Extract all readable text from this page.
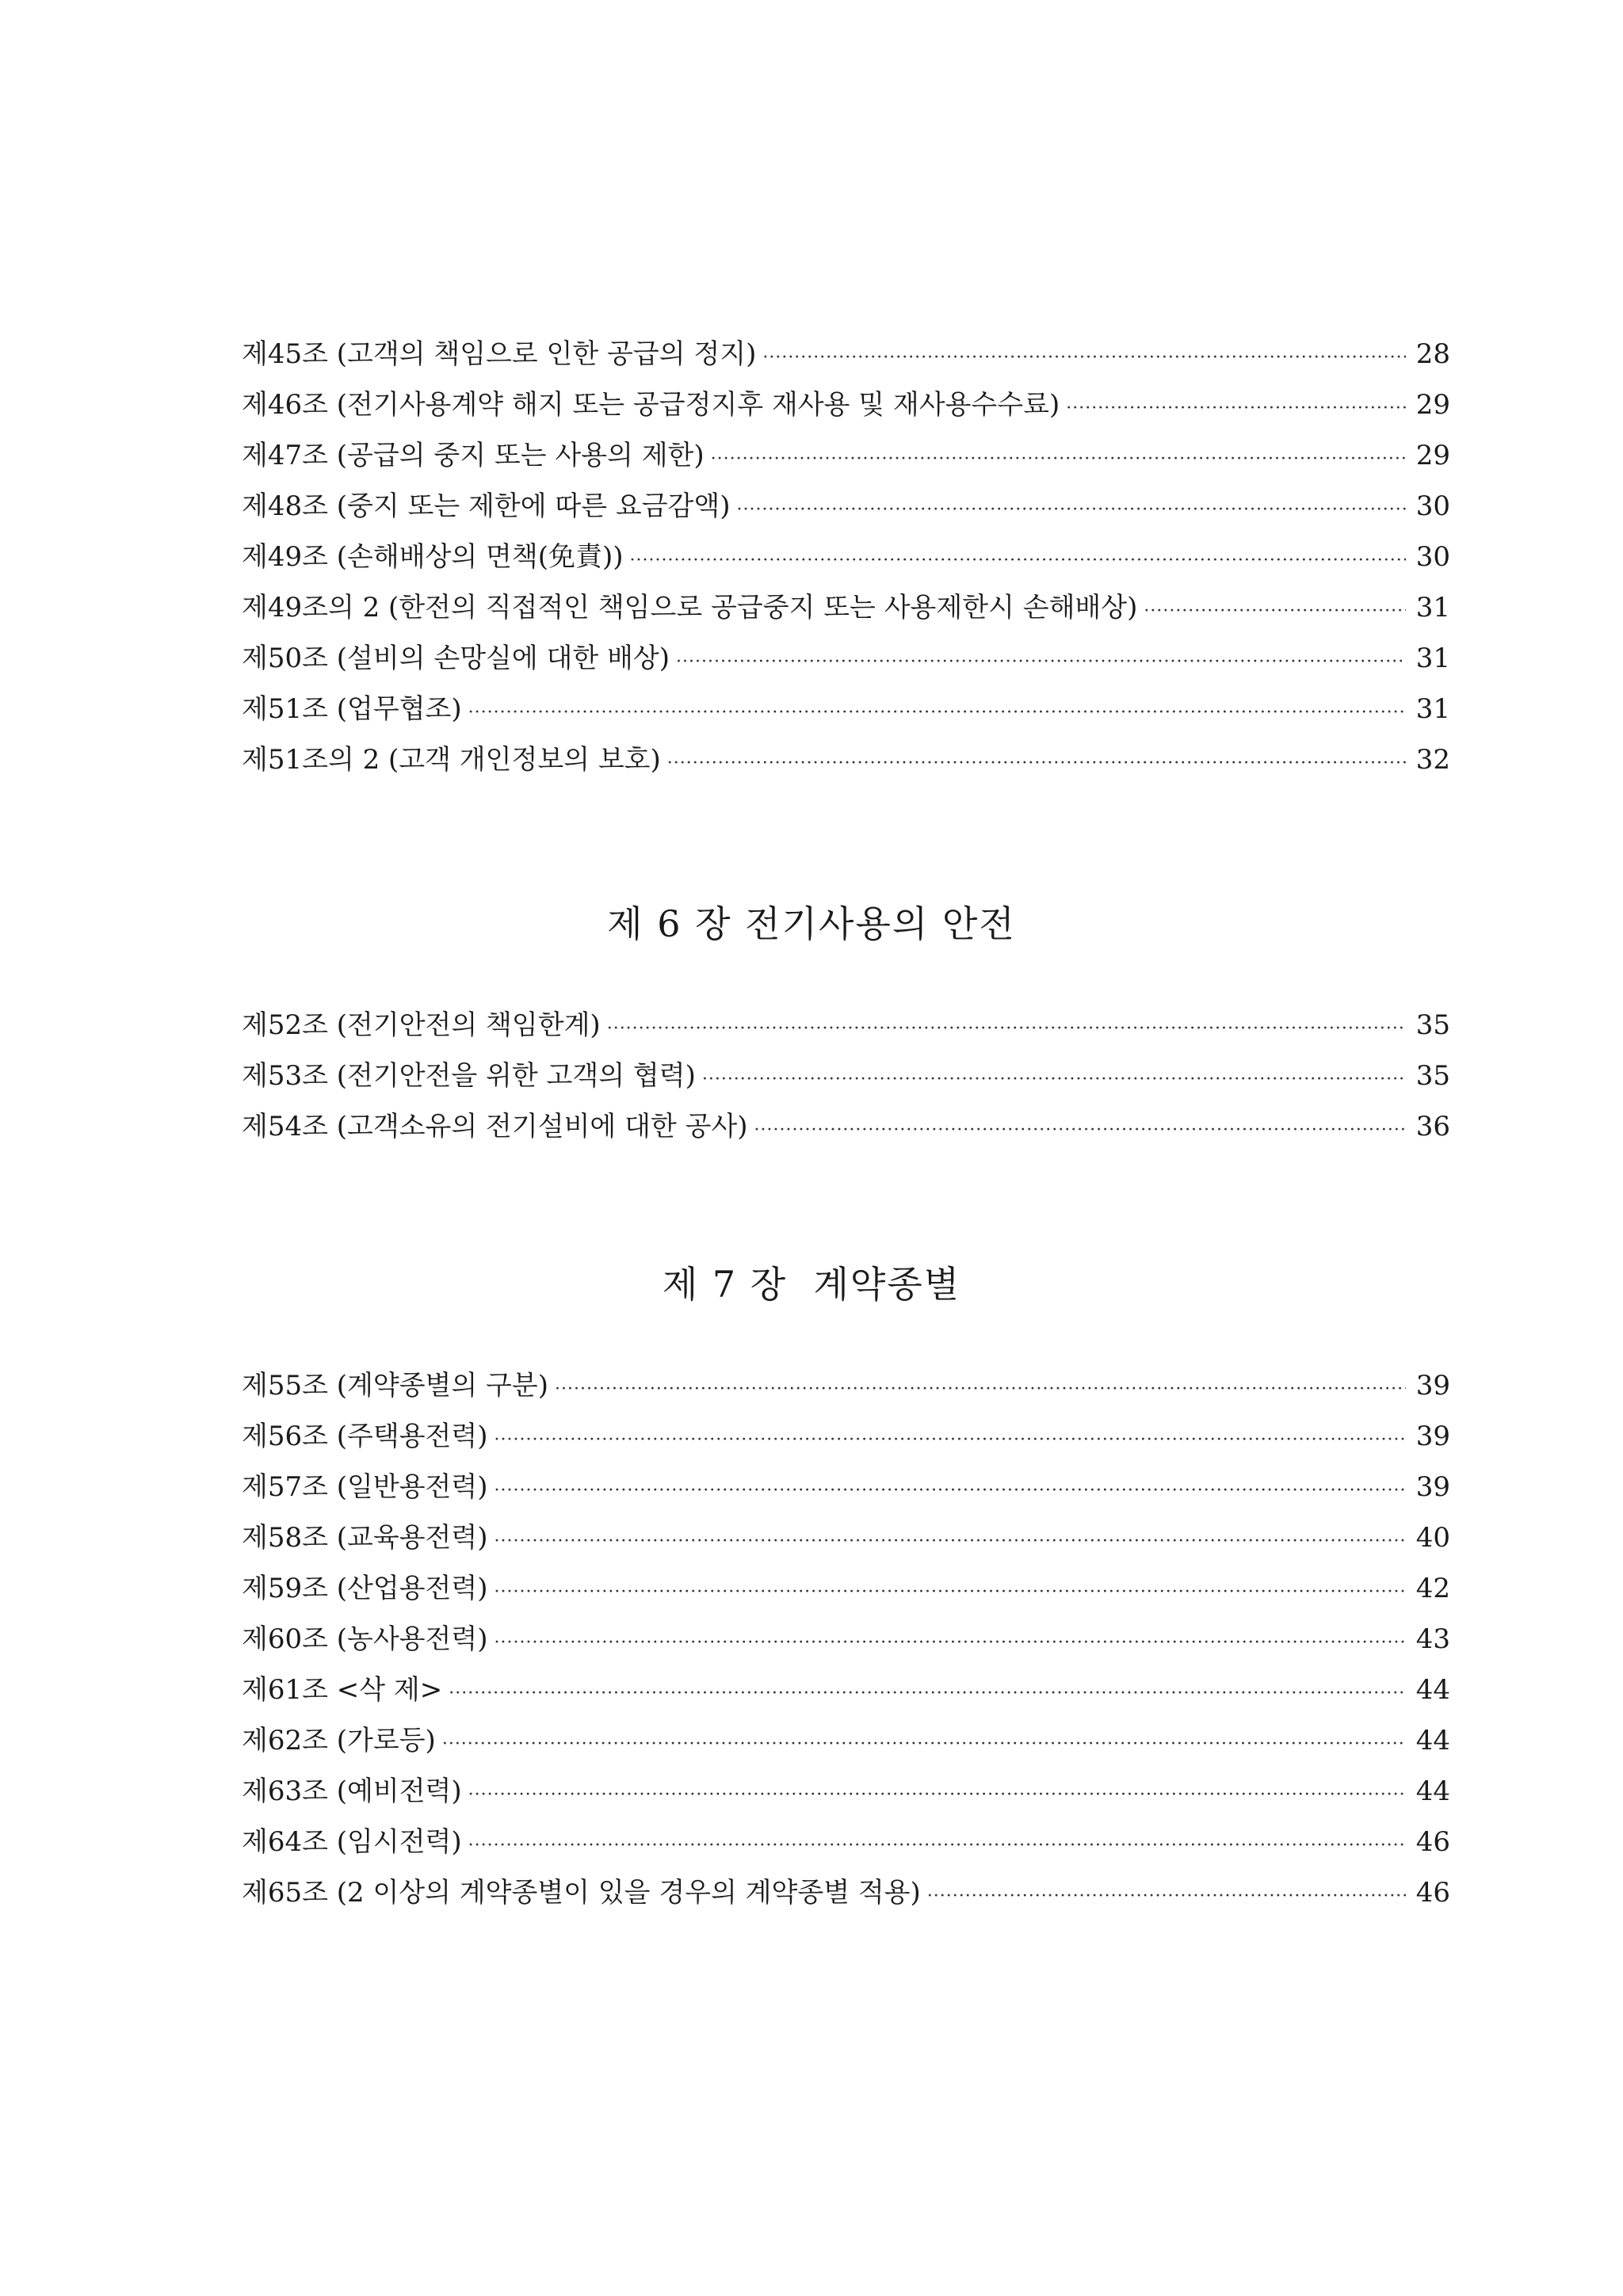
제45조 (고객의 책임으로 인한 공급의 정지) ·····	28
제46조 (전기사용계약 해지 또는 공급정지후 재사용 및 재사용수수료) ·····	29
제47조 (공급의 중지 또는 사용의 제한) ·····	29
제48조 (중지 또는 제한에 따른 요금감액) ·····	30
제49조 (손해배상의 면책(免責)) ·····	30
제49조의 2 (한전의 직접적인 책임으로 공급중지 또는 사용제한시 손해배상) ·····	31
제50조 (설비의 손망실에 대한 배상) ·····	31
제51조 (업무협조) ·····	31
제51조의 2 (고객 개인정보의 보호) ·····	32
제 6 장 전기사용의 안전
제52조 (전기안전의 책임한계) ·····	35
제53조 (전기안전을 위한 고객의 협력) ·····	35
제54조 (고객소유의 전기설비에 대한 공사) ·····	36
제 7 장  계약종별
제55조 (계약종별의 구분) ·····	39
제56조 (주택용전력) ·····	39
제57조 (일반용전력) ·····	39
제58조 (교육용전력) ·····	40
제59조 (산업용전력) ·····	42
제60조 (농사용전력) ·····	43
제61조 <삭 제> ·····	44
제62조 (가로등) ·····	44
제63조 (예비전력) ·····	44
제64조 (임시전력) ·····	46
제65조 (2 이상의 계약종별이 있을 경우의 계약종별 적용) ·····	46
